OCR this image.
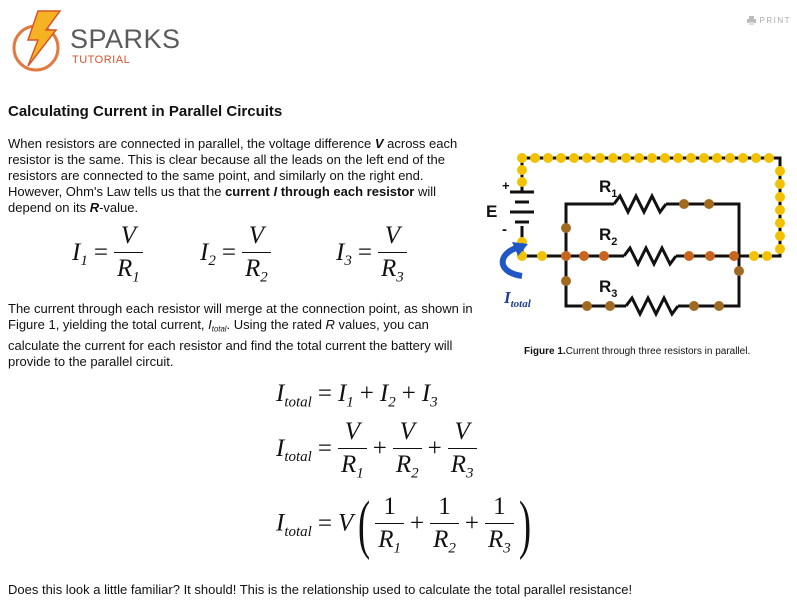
SPARKS
TUTORIAL
PRINT
Calculating Current in Parallel Circuits
When resistors are connected in parallel, the voltage difference V across each resistor is the same. This is clear because all the leads on the left end of the resistors are connected to the same point, and similarly on the right end. However, Ohm's Law tells us that the current I through each resistor will depend on its R-value.
$I_1 = \frac{V}{R_1} I_2 = \frac{V}{R_2}$	$I_3 = \frac{V}{R_3}$
The current through each resistor will merge at the connection point, as shown in Figure 1, yielding the total current, $I_{total}$. Using the rated R values, you can calculate the current for each resistor and find the total current the battery will provide to the parallel circuit.
$I_{total} = I_1 + I_2 + I_3$
$I_{total} = \frac{V}{R_1} + \frac{V}{R_2} + \frac{V}{R_3}$
$I_{total} = V( \frac{1}{R_1} + \frac{1}{R_2} + \frac{1}{R_3}$ )
+
E
-
$R_1$
$R_2$
$R_3$
$I_{total}$
Figure 1.Current through three resistors in parallel.
Does this look a little familiar? It should! This is the relationship used to calculate the total parallel resistance!
